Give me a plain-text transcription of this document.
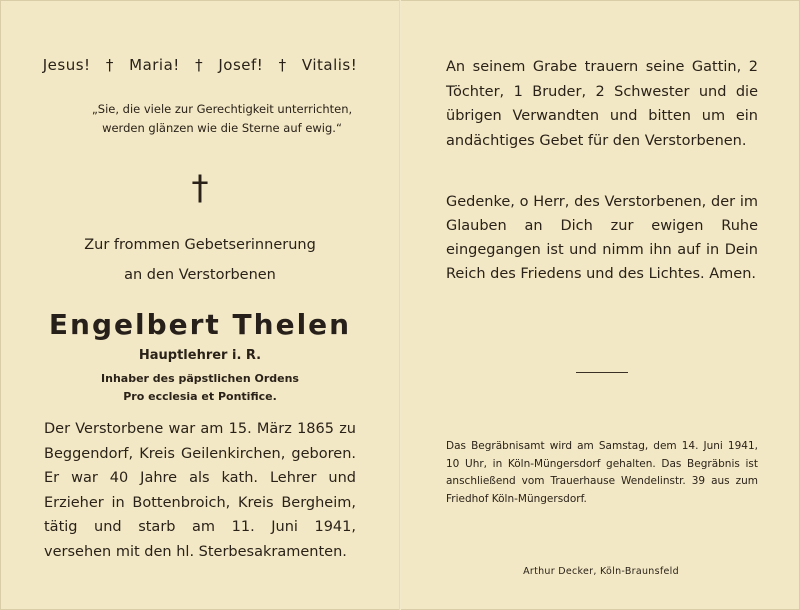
Jesus! † Maria! † Josef! † Vitalis!
„Sie, die viele zur Gerechtigkeit unterrichten,
werden glänzen wie die Sterne auf ewig.“
†
Zur frommen Gebetserinnerung
an den Verstorbenen
Engelbert Thelen
Hauptlehrer i. R.
Inhaber des päpstlichen Ordens
Pro ecclesia et Pontifice.
Der Verstorbene war am 15. März 1865 zu Beggendorf, Kreis Geilenkirchen, geboren. Er war 40 Jahre als kath. Lehrer und Erzieher in Bottenbroich, Kreis Bergheim, tätig und starb am 11. Juni 1941, versehen mit den hl. Sterbesakramenten.
An seinem Grabe trauern seine Gattin, 2 Töchter, 1 Bruder, 2 Schwester und die übrigen Verwandten und bitten um ein andächtiges Gebet für den Verstorbenen.
Gedenke, o Herr, des Verstorbenen, der im Glauben an Dich zur ewigen Ruhe eingegangen ist und nimm ihn auf in Dein Reich des Friedens und des Lichtes. Amen.
Das Begräbnisamt wird am Samstag, dem 14. Juni 1941, 10 Uhr, in Köln-Müngersdorf gehalten. Das Begräbnis ist anschließend vom Trauerhause Wendelinstr. 39 aus zum Friedhof Köln-Müngersdorf.
Arthur Decker, Köln-Braunsfeld
